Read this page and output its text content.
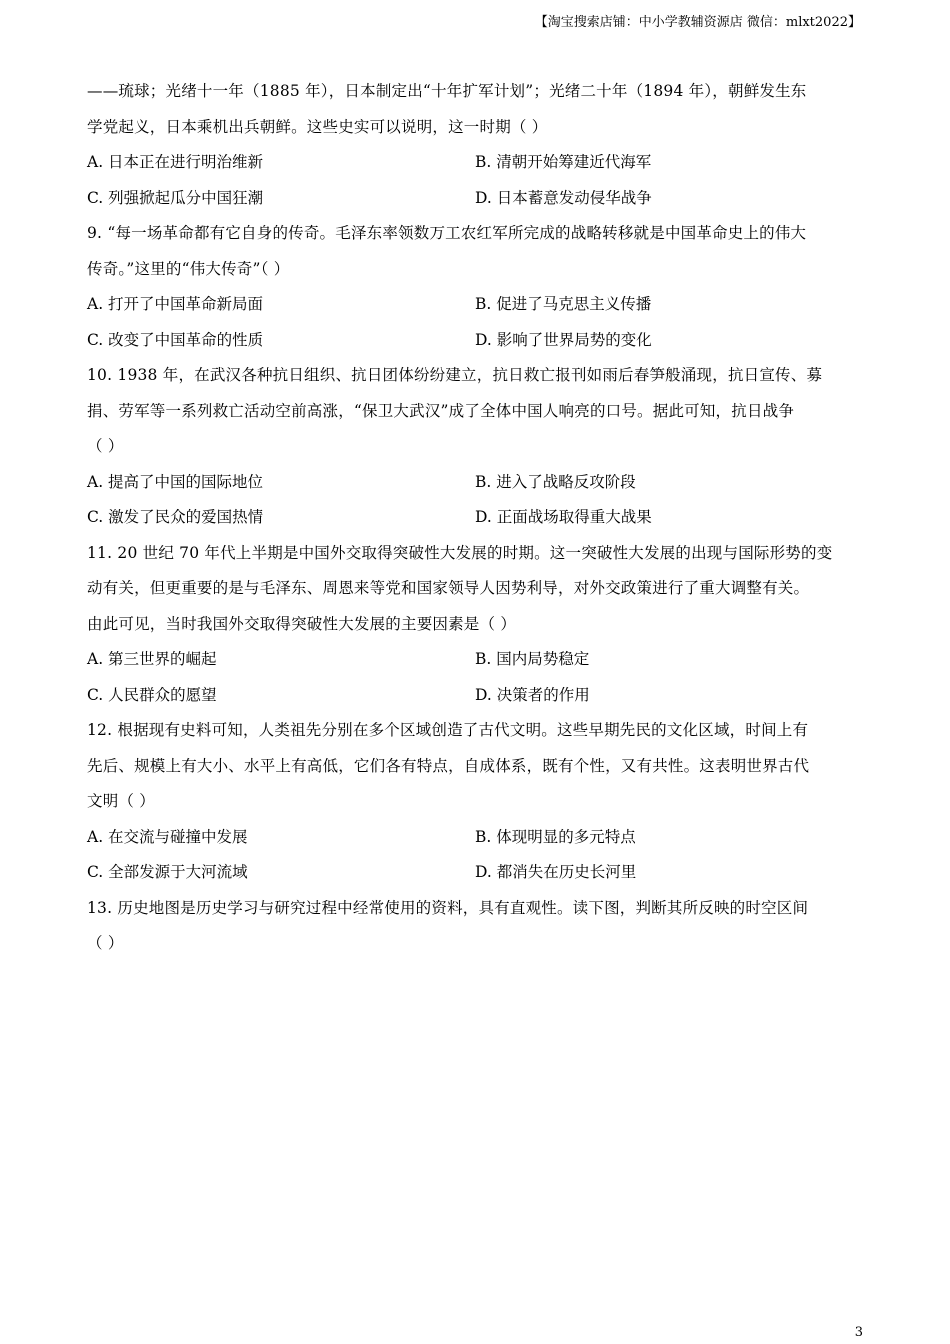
【淘宝搜索店铺：中小学教辅资源店 微信：mlxt2022】
——琉球；光绪十一年（1885 年），日本制定出“十年扩军计划”；光绪二十年（1894 年），朝鲜发生东
学党起义，日本乘机出兵朝鲜。这些史实可以说明，这一时期（ ）
A. 日本正在进行明治维新	B. 清朝开始筹建近代海军
C. 列强掀起瓜分中国狂潮	D. 日本蓄意发动侵华战争
9. “每一场革命都有它自身的传奇。毛泽东率领数万工农红军所完成的战略转移就是中国革命史上的伟大
传奇。”这里的“伟大传奇”（ ）
A. 打开了中国革命新局面	B. 促进了马克思主义传播
C. 改变了中国革命的性质	D. 影响了世界局势的变化
10. 1938 年，在武汉各种抗日组织、抗日团体纷纷建立，抗日救亡报刊如雨后春笋般涌现，抗日宣传、募
捐、劳军等一系列救亡活动空前高涨，“保卫大武汉”成了全体中国人响亮的口号。据此可知，抗日战争
（ ）
A. 提高了中国的国际地位	B. 进入了战略反攻阶段
C. 激发了民众的爱国热情	D. 正面战场取得重大战果
11. 20 世纪 70 年代上半期是中国外交取得突破性大发展的时期。这一突破性大发展的出现与国际形势的变
动有关，但更重要的是与毛泽东、周恩来等党和国家领导人因势利导，对外交政策进行了重大调整有关。
由此可见，当时我国外交取得突破性大发展的主要因素是（ ）
A. 第三世界的崛起	B. 国内局势稳定
C. 人民群众的愿望	D. 决策者的作用
12. 根据现有史料可知，人类祖先分别在多个区域创造了古代文明。这些早期先民的文化区域，时间上有
先后、规模上有大小、水平上有高低，它们各有特点，自成体系，既有个性，又有共性。这表明世界古代
文明（ ）
A. 在交流与碰撞中发展	B. 体现明显的多元特点
C. 全部发源于大河流域	D. 都消失在历史长河里
13. 历史地图是历史学习与研究过程中经常使用的资料，具有直观性。读下图，判断其所反映的时空区间
（ ）
3
